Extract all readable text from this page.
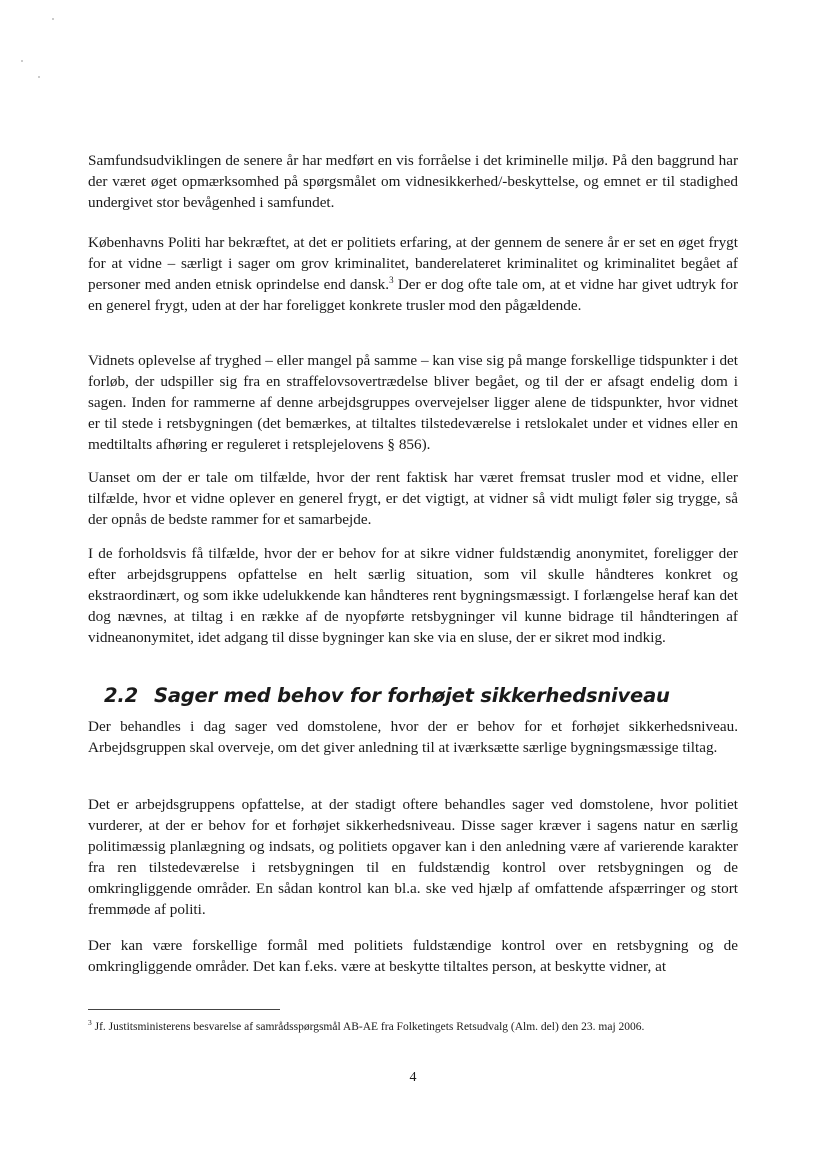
Samfundsudviklingen de senere år har medført en vis forråelse i det kriminelle miljø. På den baggrund har der været øget opmærksomhed på spørgsmålet om vidnesikkerhed/-beskyttelse, og emnet er til stadighed undergivet stor bevågenhed i samfundet.

Københavns Politi har bekræftet, at det er politiets erfaring, at der gennem de senere år er set en øget frygt for at vidne – særligt i sager om grov kriminalitet, banderelateret kriminalitet og kriminalitet begået af personer med anden etnisk oprindelse end dansk.$^3$ Der er dog ofte tale om, at et vidne har givet udtryk for en generel frygt, uden at der har foreligget konkrete trusler mod den pågældende.

Vidnets oplevelse af tryghed – eller mangel på samme – kan vise sig på mange forskellige tidspunkter i det forløb, der udspiller sig fra en straffelovsovertrædelse bliver begået, og til der er afsagt endelig dom i sagen. Inden for rammerne af denne arbejdsgruppes overvejelser ligger alene de tidspunkter, hvor vidnet er til stede i retsbygningen (det bemærkes, at tiltaltes tilstedeværelse i retslokalet under et vidnes eller en medtiltalts afhøring er reguleret i retsplejelovens § 856).

Uanset om der er tale om tilfælde, hvor der rent faktisk har været fremsat trusler mod et vidne, eller tilfælde, hvor et vidne oplever en generel frygt, er det vigtigt, at vidner så vidt muligt føler sig trygge, så der opnås de bedste rammer for et samarbejde.

I de forholdsvis få tilfælde, hvor der er behov for at sikre vidner fuldstændig anonymitet, foreligger der efter arbejdsgruppens opfattelse en helt særlig situation, som vil skulle håndteres konkret og ekstraordinært, og som ikke udelukkende kan håndteres rent bygningsmæssigt. I forlængelse heraf kan det dog nævnes, at tiltag i en række af de nyopførte retsbygninger vil kunne bidrage til håndteringen af vidneanonymitet, idet adgang til disse bygninger kan ske via en sluse, der er sikret mod indkig.

2.2 Sager med behov for forhøjet sikkerhedsniveau

Der behandles i dag sager ved domstolene, hvor der er behov for et forhøjet sikkerhedsniveau. Arbejdsgruppen skal overveje, om det giver anledning til at iværksætte særlige bygningsmæssige tiltag.

Det er arbejdsgruppens opfattelse, at der stadigt oftere behandles sager ved domstolene, hvor politiet vurderer, at der er behov for et forhøjet sikkerhedsniveau. Disse sager kræver i sagens natur en særlig politimæssig planlægning og indsats, og politiets opgaver kan i den anledning være af varierende karakter fra ren tilstedeværelse i retsbygningen til en fuldstændig kontrol over retsbygningen og de omkringliggende områder. En sådan kontrol kan bl.a. ske ved hjælp af omfattende afspærringer og stort fremmøde af politi.

Der kan være forskellige formål med politiets fuldstændige kontrol over en retsbygning og de omkringliggende områder. Det kan f.eks. være at beskytte tiltaltes person, at beskytte vidner, at

$^3$ Jf. Justitsministerens besvarelse af samrådsspørgsmål AB-AE fra Folketingets Retsudvalg (Alm. del) den 23. maj 2006.

4
